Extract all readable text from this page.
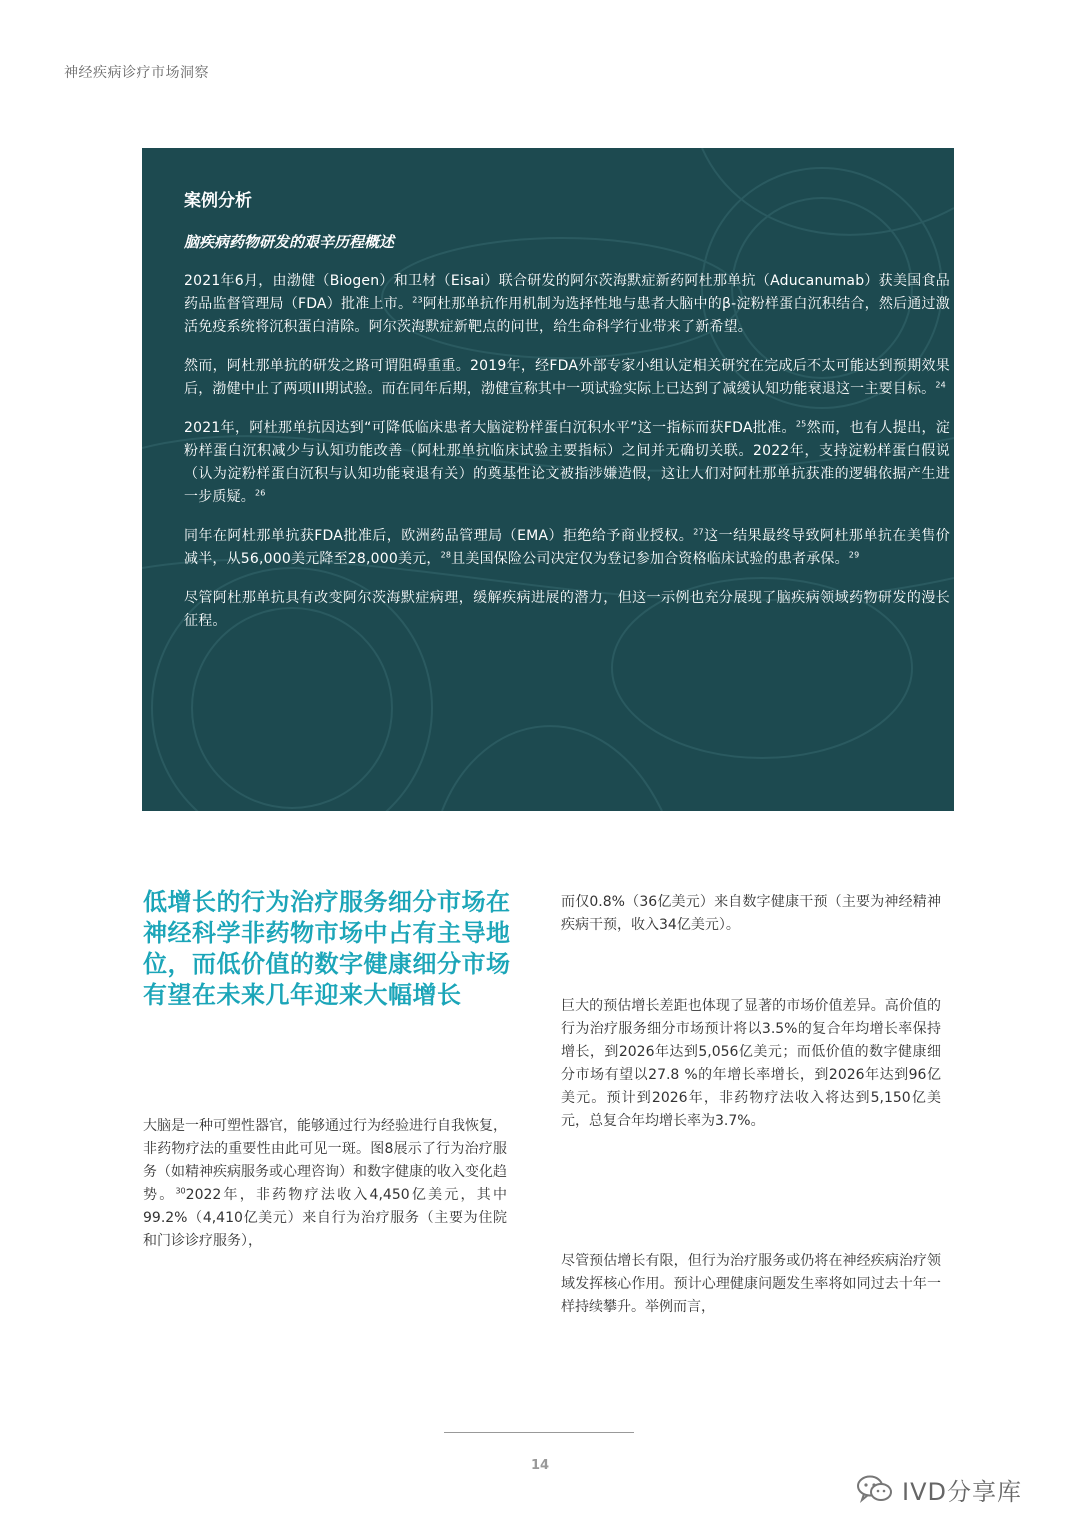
神经疾病诊疗市场洞察

案例分析

脑疾病药物研发的艰辛历程概述

2021年6月，由渤健（Biogen）和卫材（Eisai）联合研发的阿尔茨海默症新药阿杜那单抗（Aducanumab）获美国食品药品监督管理局（FDA）批准上市。$^{23}$阿杜那单抗作用机制为选择性地与患者大脑中的β-淀粉样蛋白沉积结合，然后通过激活免疫系统将沉积蛋白清除。阿尔茨海默症新靶点的问世，给生命科学行业带来了新希望。

然而，阿杜那单抗的研发之路可谓阻碍重重。2019年，经FDA外部专家小组认定相关研究在完成后不太可能达到预期效果后，渤健中止了两项III期试验。而在同年后期，渤健宣称其中一项试验实际上已达到了减缓认知功能衰退这一主要目标。$^{24}$

2021年，阿杜那单抗因达到“可降低临床患者大脑淀粉样蛋白沉积水平”这一指标而获FDA批准。$^{25}$然而，也有人提出，淀粉样蛋白沉积减少与认知功能改善（阿杜那单抗临床试验主要指标）之间并无确切关联。2022年，支持淀粉样蛋白假说（认为淀粉样蛋白沉积与认知功能衰退有关）的奠基性论文被指涉嫌造假，这让人们对阿杜那单抗获准的逻辑依据产生进一步质疑。$^{26}$

同年在阿杜那单抗获FDA批准后，欧洲药品管理局（EMA）拒绝给予商业授权。$^{27}$这一结果最终导致阿杜那单抗在美售价减半，从56,000美元降至28,000美元，$^{28}$且美国保险公司决定仅为登记参加合资格临床试验的患者承保。$^{29}$

尽管阿杜那单抗具有改变阿尔茨海默症病理，缓解疾病进展的潜力，但这一示例也充分展现了脑疾病领域药物研发的漫长征程。

低增长的行为治疗服务细分市场在神经科学非药物市场中占有主导地位，而低价值的数字健康细分市场有望在未来几年迎来大幅增长

大脑是一种可塑性器官，能够通过行为经验进行自我恢复，非药物疗法的重要性由此可见一斑。图8展示了行为治疗服务（如精神疾病服务或心理咨询）和数字健康的收入变化趋势。$^{30}$2022年，非药物疗法收入4,450亿美元，其中99.2%（4,410亿美元）来自行为治疗服务（主要为住院和门诊诊疗服务），

而仅0.8%（36亿美元）来自数字健康干预（主要为神经精神疾病干预，收入34亿美元）。

巨大的预估增长差距也体现了显著的市场价值差异。高价值的行为治疗服务细分市场预计将以3.5%的复合年均增长率保持增长，到2026年达到5,056亿美元；而低价值的数字健康细分市场有望以27.8 %的年增长率增长，到2026年达到96亿美元。预计到2026年，非药物疗法收入将达到5,150亿美元，总复合年均增长率为3.7%。

尽管预估增长有限，但行为治疗服务或仍将在神经疾病治疗领域发挥核心作用。预计心理健康问题发生率将如同过去十年一样持续攀升。举例而言，

14
IVD分享库
